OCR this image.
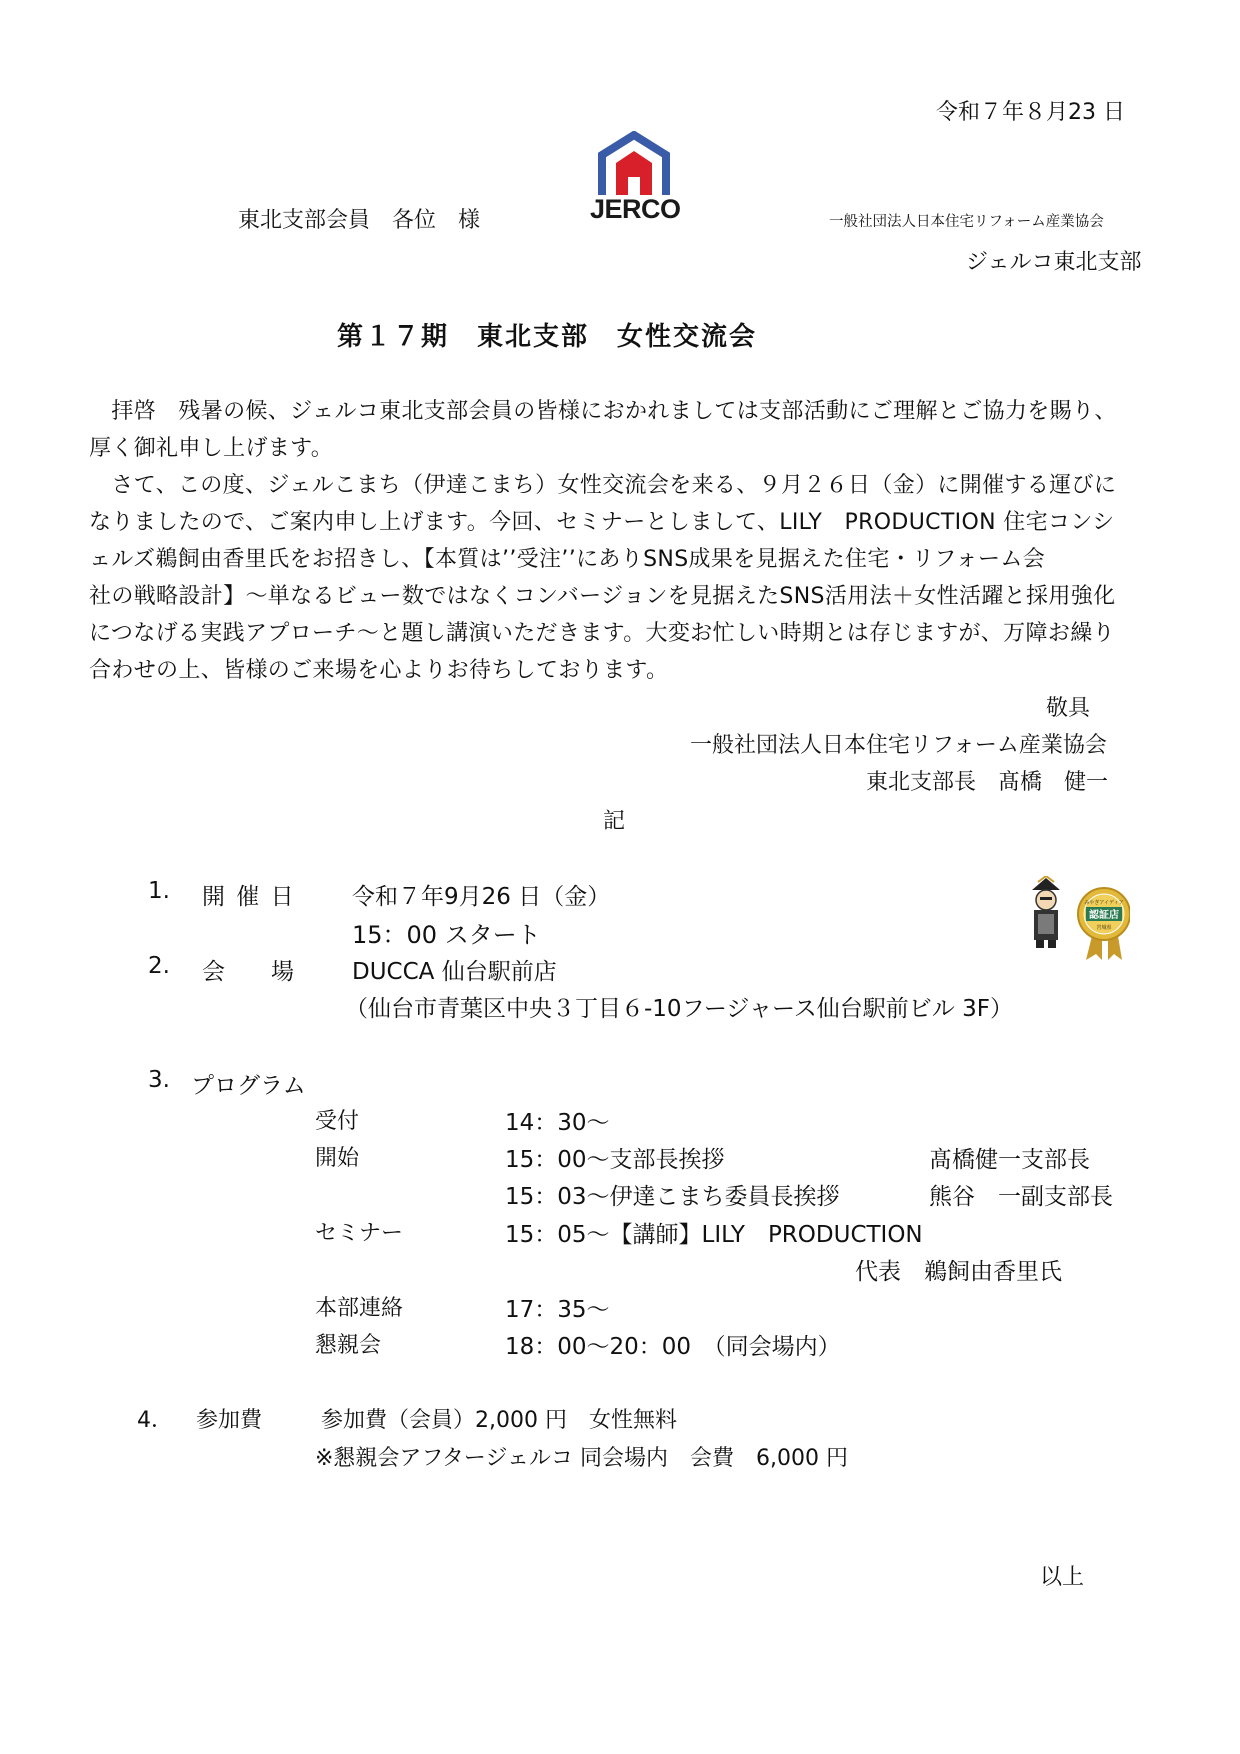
令和７年８月23 日
東北支部会員　各位　様	JERCO	一般社団法人日本住宅リフォーム産業協会
ジェルコ東北支部
第１７期　東北支部　女性交流会
　拝啓　残暑の候、ジェルコ東北支部会員の皆様におかれましては支部活動にご理解とご協力を賜り、
厚く御礼申し上げます。
　さて、この度、ジェルこまち（伊達こまち）女性交流会を来る、９月２６日（金）に開催する運びに
なりましたので、ご案内申し上げます。今回、セミナーとしまして、LILY　PRODUCTION 住宅コンシ
ェルズ鵜飼由香里氏をお招きし、【本質は’’受注’’にありSNS成果を見据えた住宅・リフォーム会
社の戦略設計】～単なるビュー数ではなくコンバージョンを見据えたSNS活用法＋女性活躍と採用強化
につなげる実践アプローチ～と題し講演いただきます。大変お忙しい時期とは存じますが、万障お繰り
合わせの上、皆様のご来場を心よりお待ちしております。
敬具
一般社団法人日本住宅リフォーム産業協会
東北支部長　髙橋　健一
記
1. 開 催 日 令和７年9月26 日（金）
15：00 スタート
2. 会　　場	DUCCA 仙台駅前店
（仙台市青葉区中央３丁目６-10フージャース仙台駅前ビル 3F）
みやぎアイディア
認証店
宮城県
3. プログラム
受付	14：30～
開始	15：00～支部長挨拶	髙橋健一支部長
15：03～伊達こまち委員長挨拶	熊谷　一副支部長
セミナー	15：05～【講師】LILY　PRODUCTION
代表　鵜飼由香里氏
本部連絡	17：35～
懇親会	18：00～20：00　（同会場内）
4． 参加費	参加費（会員）2,000 円　女性無料
※懇親会アフタージェルコ 同会場内　会費　6,000 円
以上
